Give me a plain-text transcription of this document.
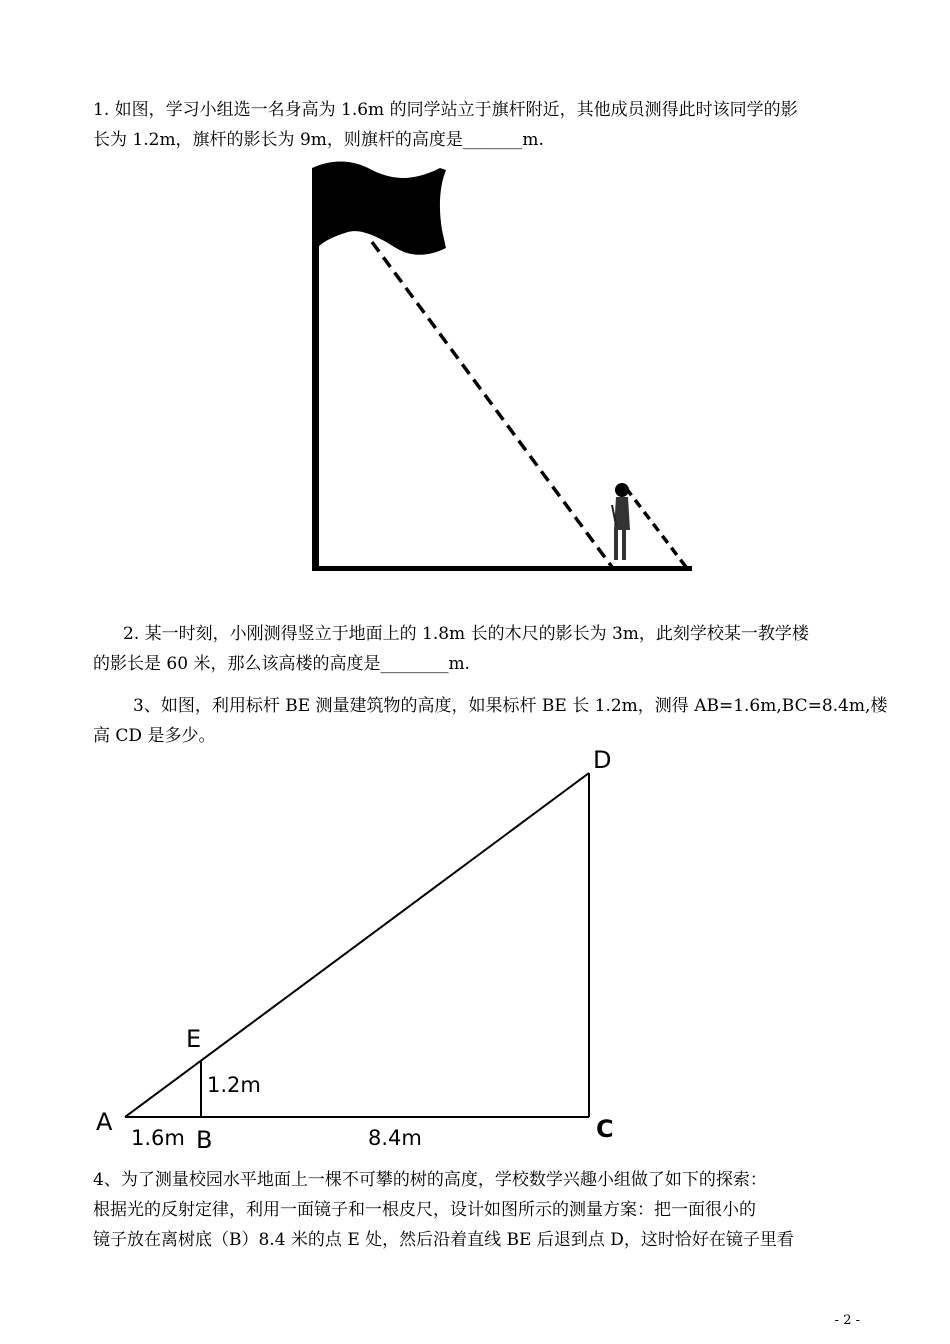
1. 如图，学习小组选一名身高为 1.6m 的同学站立于旗杆附近，其他成员测得此时该同学的影
长为 1.2m，旗杆的影长为 9m，则旗杆的高度是_______m.
2. 某一时刻，小刚测得竖立于地面上的 1.8m 长的木尺的影长为 3m，此刻学校某一教学楼
的影长是 60 米，那么该高楼的高度是________m.
3、如图，利用标杆 BE 测量建筑物的高度，如果标杆 BE 长 1.2m，测得 AB=1.6m,BC=8.4m,楼
高 CD 是多少。
D
E
A
B	C
1.2m
1.6m	8.4m
4、为了测量校园水平地面上一棵不可攀的树的高度，学校数学兴趣小组做了如下的探索：
根据光的反射定律，利用一面镜子和一根皮尺，设计如图所示的测量方案：把一面很小的
镜子放在离树底（B）8.4 米的点 E 处，然后沿着直线 BE 后退到点 D，这时恰好在镜子里看
- 2 -
